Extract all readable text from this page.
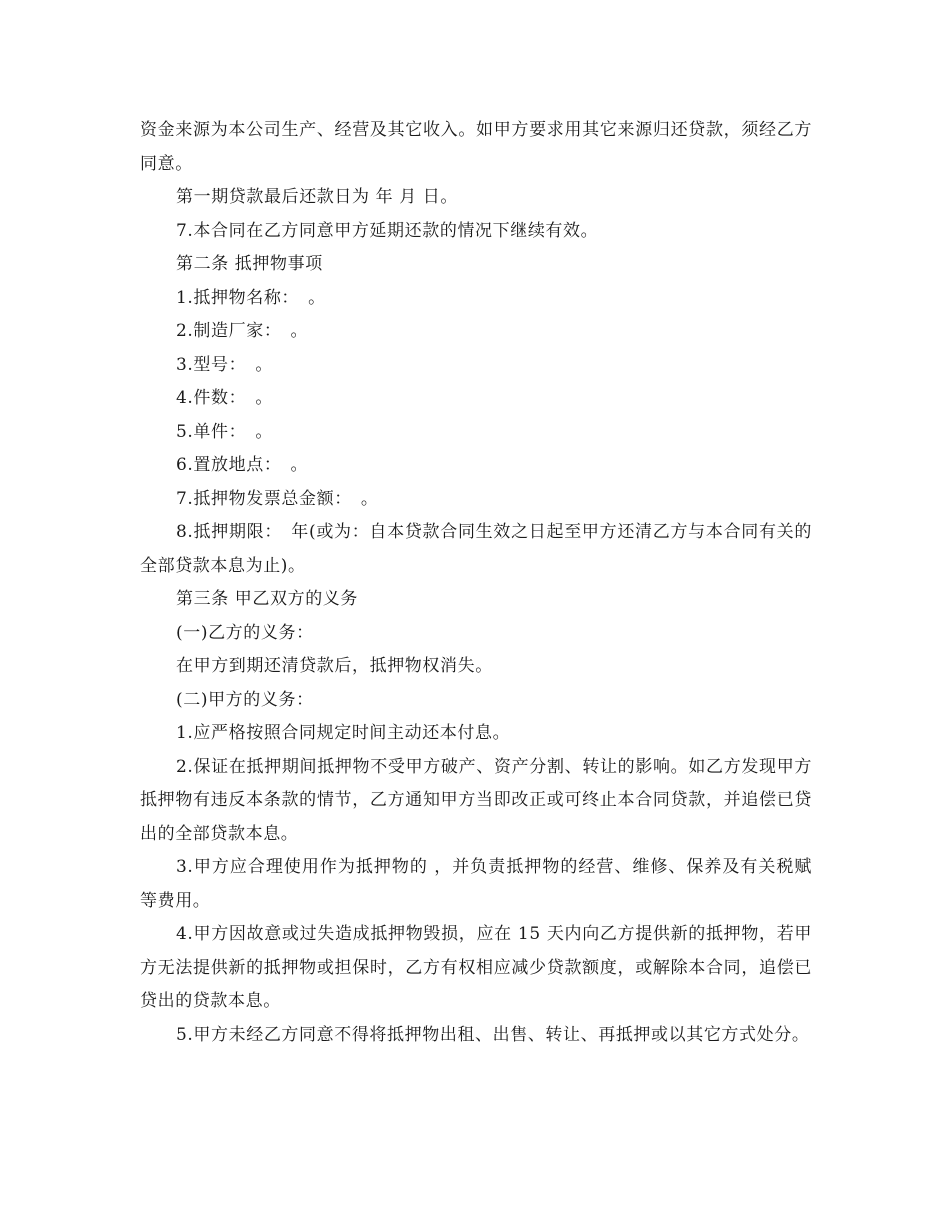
资金来源为本公司生产、经营及其它收入。如甲方要求用其它来源归还贷款，须经乙方同意。

第一期贷款最后还款日为 年 月 日。

7.本合同在乙方同意甲方延期还款的情况下继续有效。

第二条 抵押物事项

1.抵押物名称：　。

2.制造厂家：　。

3.型号：　。

4.件数：　。

5.单件：　。

6.置放地点：　。

7.抵押物发票总金额：　。

8.抵押期限：　年(或为：自本贷款合同生效之日起至甲方还清乙方与本合同有关的全部贷款本息为止)。

第三条 甲乙双方的义务

(一)乙方的义务：

在甲方到期还清贷款后，抵押物权消失。

(二)甲方的义务：

1.应严格按照合同规定时间主动还本付息。

2.保证在抵押期间抵押物不受甲方破产、资产分割、转让的影响。如乙方发现甲方抵押物有违反本条款的情节，乙方通知甲方当即改正或可终止本合同贷款，并追偿已贷出的全部贷款本息。

3.甲方应合理使用作为抵押物的 ，并负责抵押物的经营、维修、保养及有关税赋等费用。

4.甲方因故意或过失造成抵押物毁损，应在 15 天内向乙方提供新的抵押物，若甲方无法提供新的抵押物或担保时，乙方有权相应减少贷款额度，或解除本合同，追偿已贷出的贷款本息。

5.甲方未经乙方同意不得将抵押物出租、出售、转让、再抵押或以其它方式处分。
